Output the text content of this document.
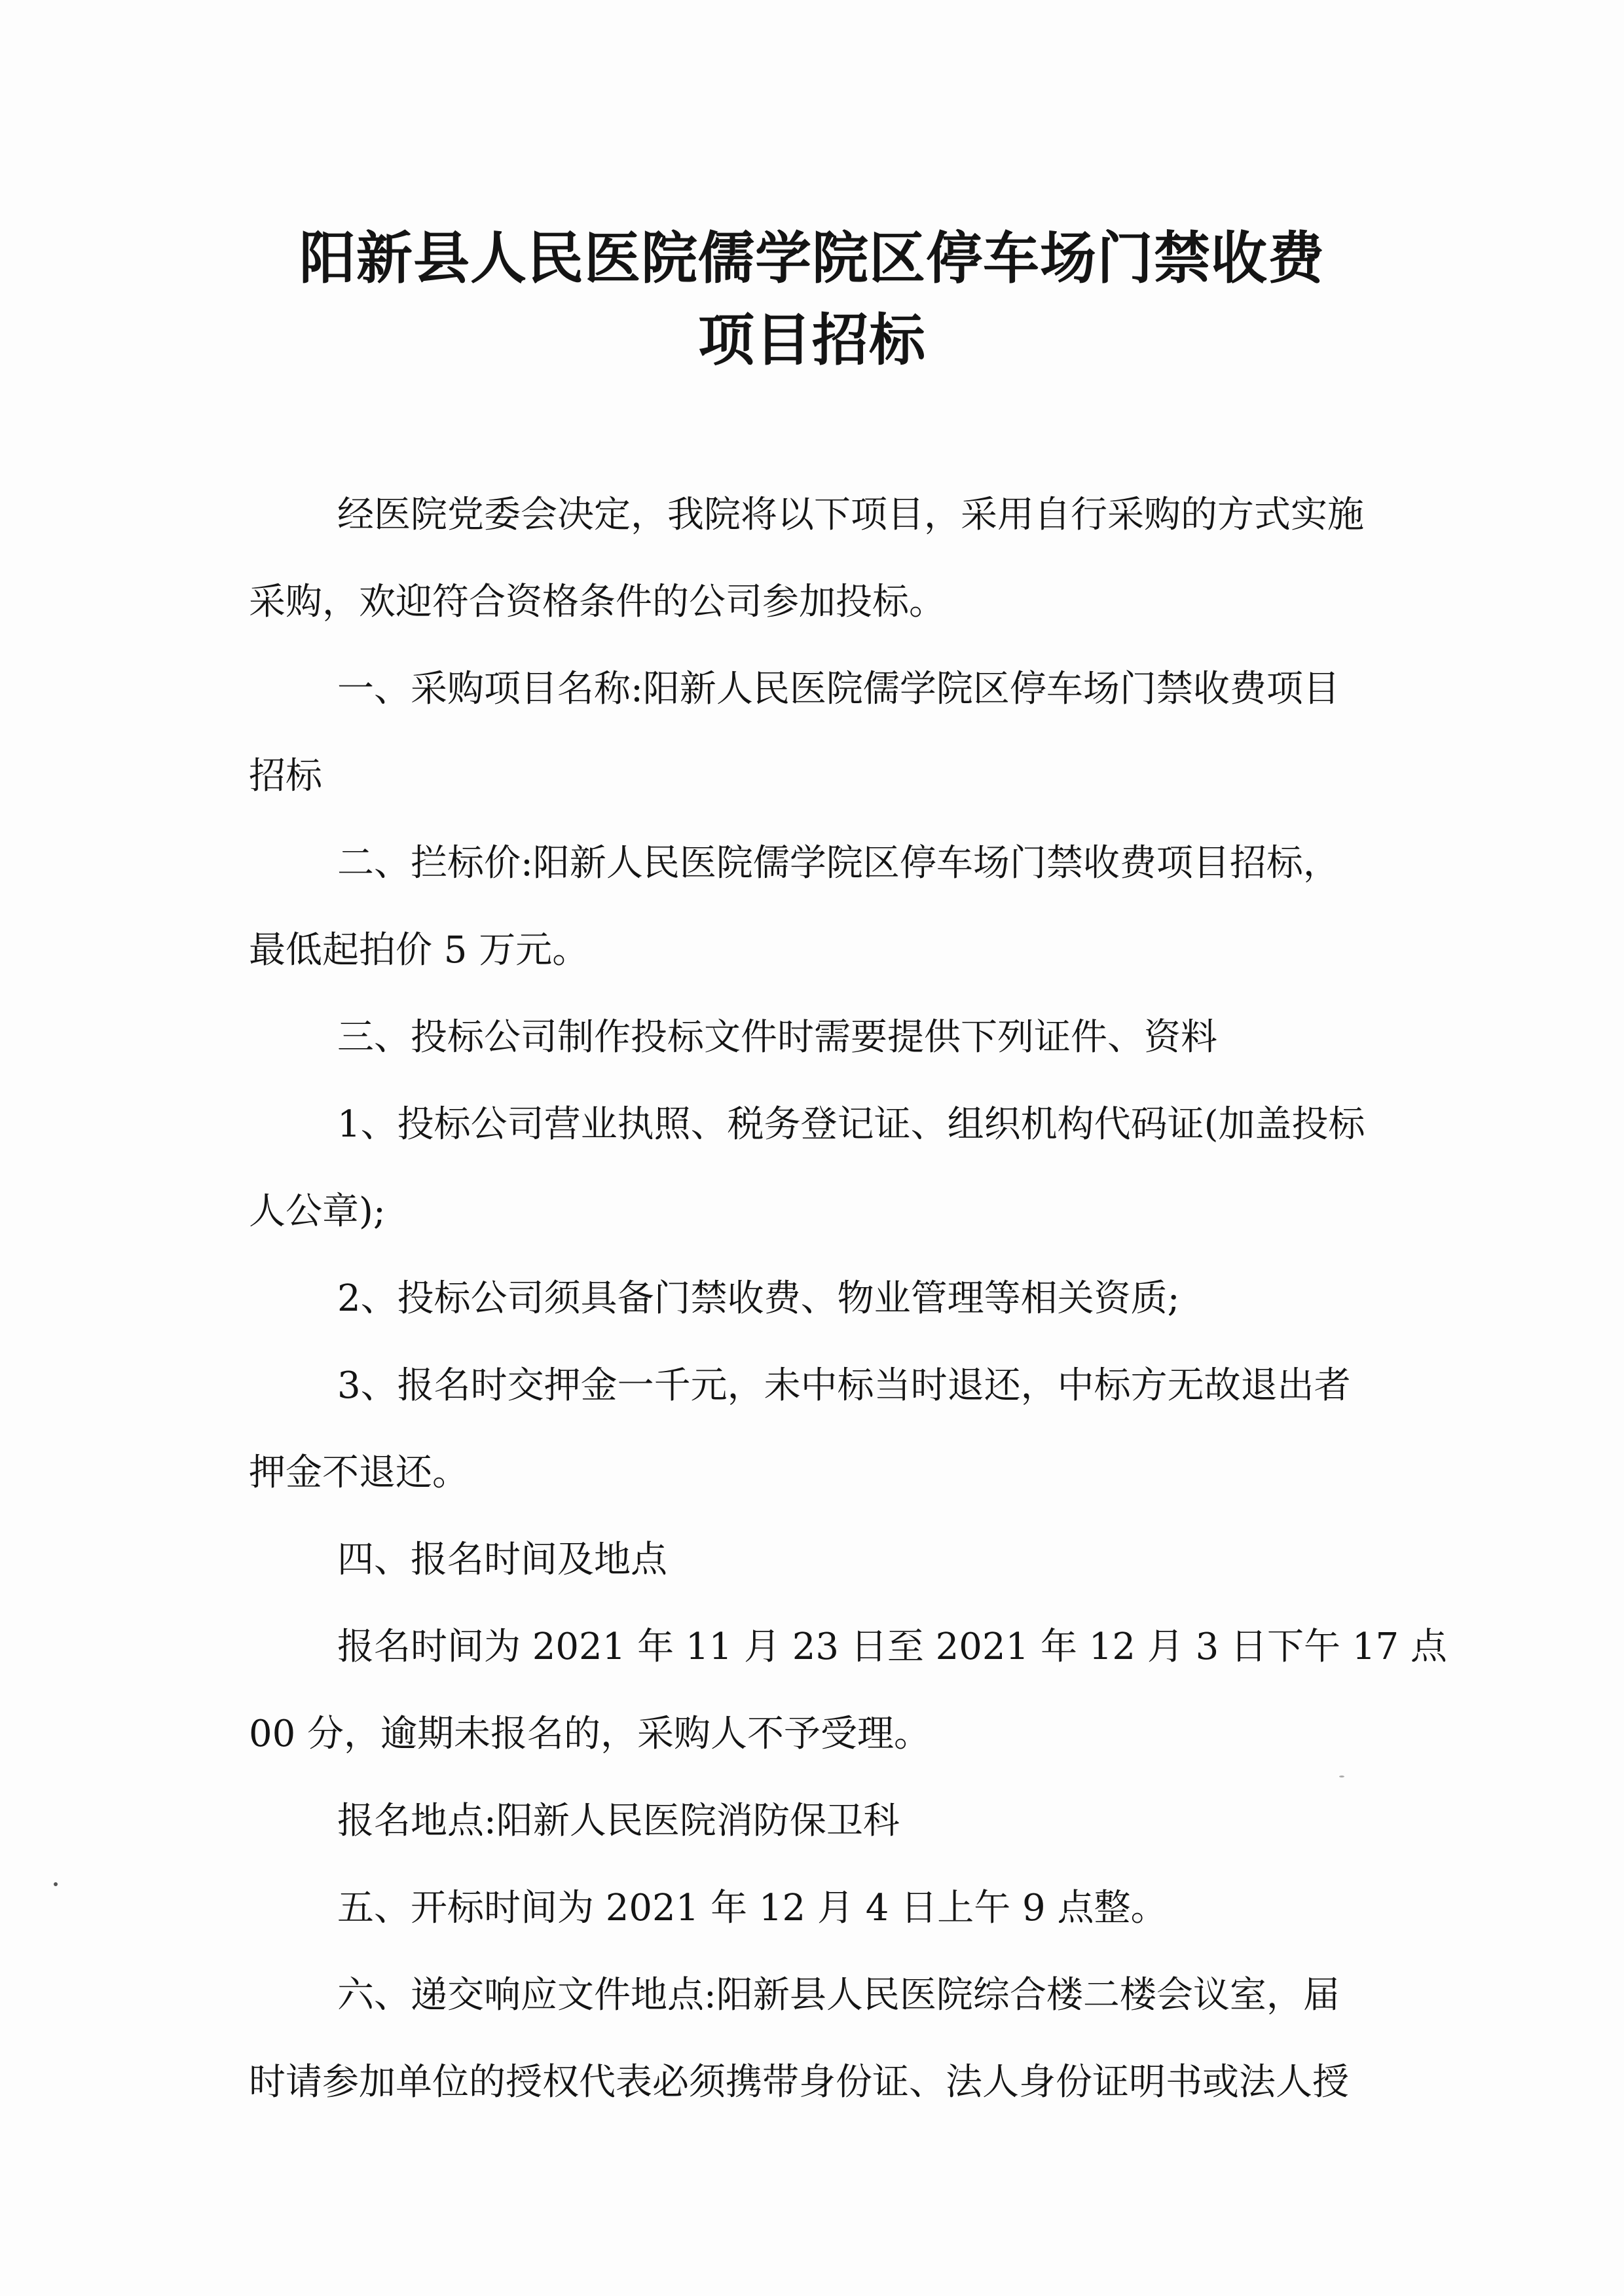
阳新县人民医院儒学院区停车场门禁收费
项目招标

经医院党委会决定，我院将以下项目，采用自行采购的方式实施

采购，欢迎符合资格条件的公司参加投标。

一、采购项目名称:阳新人民医院儒学院区停车场门禁收费项目

招标

二、拦标价:阳新人民医院儒学院区停车场门禁收费项目招标，

最低起拍价 5 万元。

三、投标公司制作投标文件时需要提供下列证件、资料

1、投标公司营业执照、税务登记证、组织机构代码证(加盖投标

人公章);

2、投标公司须具备门禁收费、物业管理等相关资质;

3、报名时交押金一千元，未中标当时退还，中标方无故退出者

押金不退还。

四、报名时间及地点

报名时间为 2021 年 11 月 23 日至 2021 年 12 月 3 日下午 17 点

00 分，逾期未报名的，采购人不予受理。

报名地点:阳新人民医院消防保卫科

五、开标时间为 2021 年 12 月 4 日上午 9 点整。

六、递交响应文件地点:阳新县人民医院综合楼二楼会议室，届

时请参加单位的授权代表必须携带身份证、法人身份证明书或法人授
